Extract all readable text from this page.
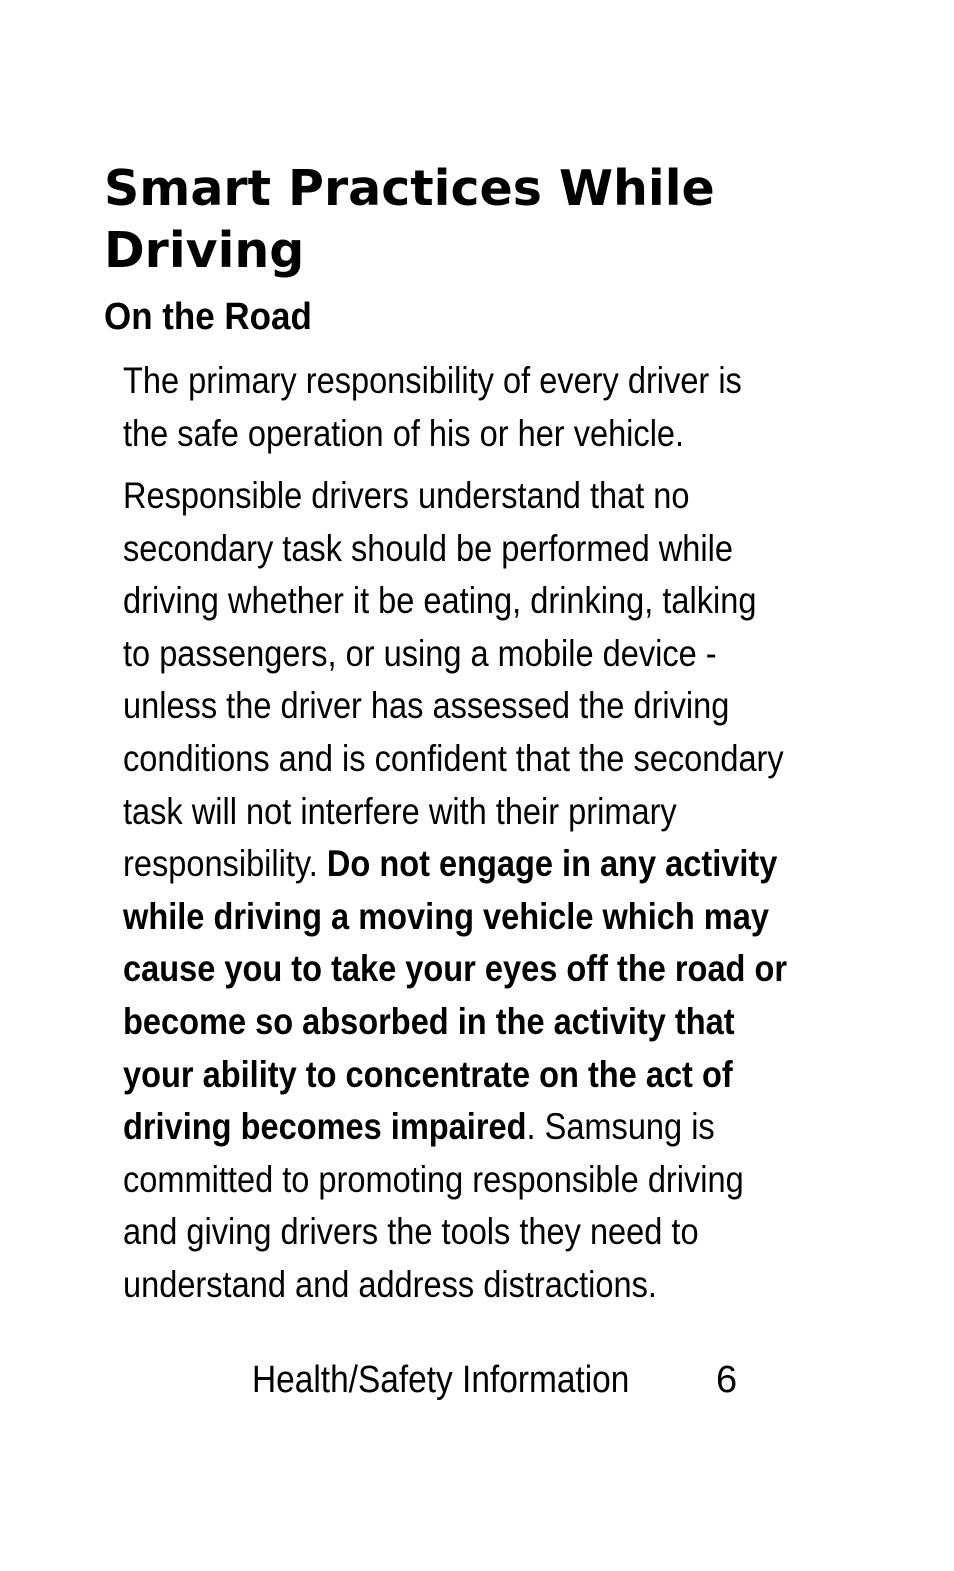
Smart Practices While Driving
On the Road

The primary responsibility of every driver is the safe operation of his or her vehicle.

Responsible drivers understand that no secondary task should be performed while driving whether it be eating, drinking, talking to passengers, or using a mobile device - unless the driver has assessed the driving conditions and is confident that the secondary task will not interfere with their primary responsibility. Do not engage in any activity while driving a moving vehicle which may cause you to take your eyes off the road or become so absorbed in the activity that your ability to concentrate on the act of driving becomes impaired. Samsung is committed to promoting responsible driving and giving drivers the tools they need to understand and address distractions.

Health/Safety Information 6
